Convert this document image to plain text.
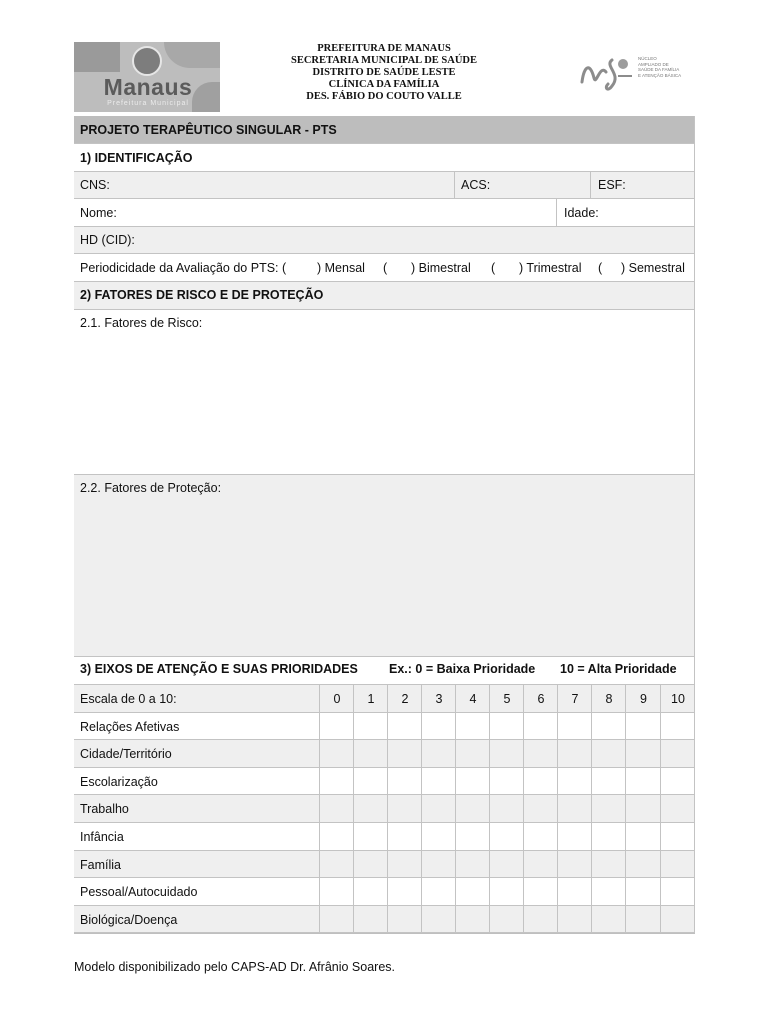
Manaus
Prefeitura Municipal
PREFEITURA DE MANAUS
SECRETARIA MUNICIPAL DE SAÚDE
DISTRITO DE SAÚDE LESTE
CLÍNICA DA FAMÍLIA
DES. FÁBIO DO COUTO VALLE
NÚCLEO
AMPLIADO DE
SAÚDE DA FAMÍLIA
E ATENÇÃO BÁSICA
PROJETO TERAPÊUTICO SINGULAR - PTS
1) IDENTIFICAÇÃO
CNS:	ACS:	ESF:
Nome:	Idade:
HD (CID):
Periodicidade da Avaliação do PTS: ( ) Mensal ( ) Bimestral ( ) Trimestral ( ) Semestral
2) FATORES DE RISCO E DE PROTEÇÃO
2.1. Fatores de Risco:
2.2. Fatores de Proteção:
3) EIXOS DE ATENÇÃO E SUAS PRIORIDADES Ex.: 0 = Baixa Prioridade 10 = Alta Prioridade
Escala de 0 a 10:	0	1	2	3	4	5	6	7	8	9	10
Relações Afetivas
Cidade/Território
Escolarização
Trabalho
Infância
Família
Pessoal/Autocuidado
Biológica/Doença
Modelo disponibilizado pelo CAPS-AD Dr. Afrânio Soares.
